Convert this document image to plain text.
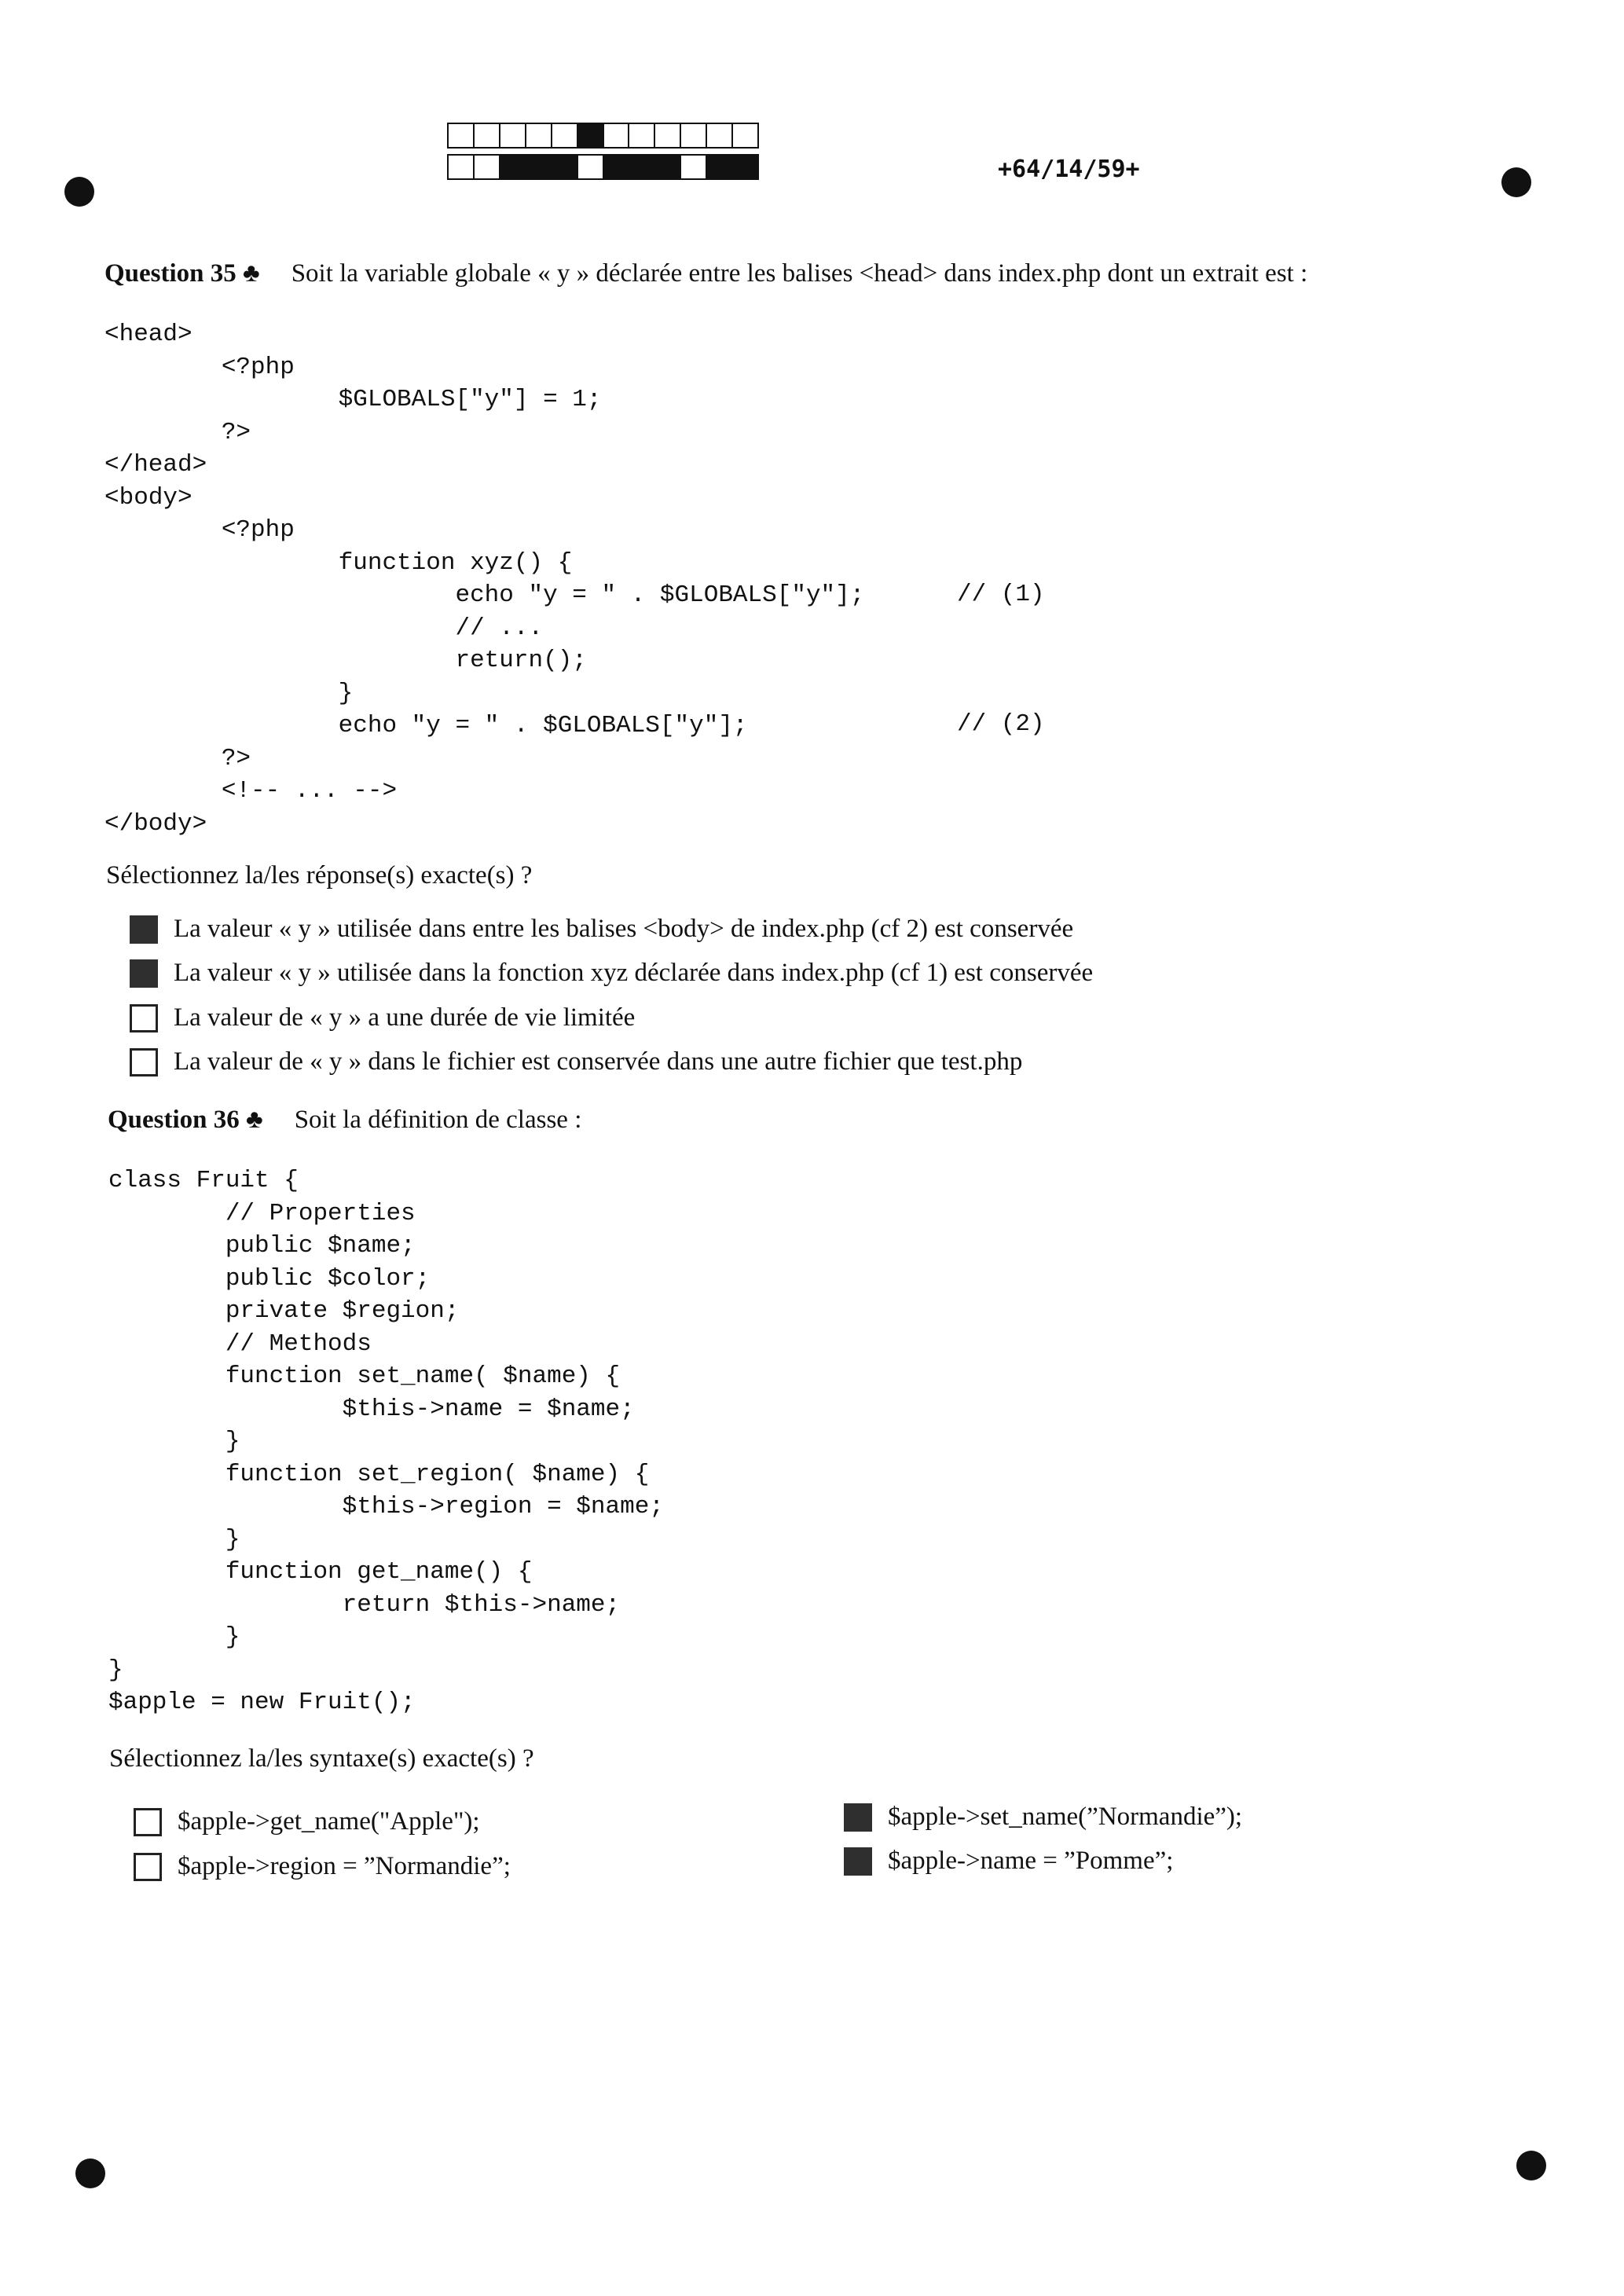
+64/14/59+
Question 35 ♣ Soit la variable globale « y » déclarée entre les balises <head> dans index.php dont un extrait est :
<head>
<?php
$GLOBALS["y"] = 1;
?>
</head>
<body>
<?php
function xyz() {
echo "y = " . $GLOBALS["y"];
// ...
return();
}
echo "y = " . $GLOBALS["y"];
?>
<!-- ... -->
</body>
// (1)
// (2)
Sélectionnez la/les réponse(s) exacte(s) ?
La valeur « y » utilisée dans entre les balises <body> de index.php (cf 2) est conservée
La valeur « y » utilisée dans la fonction xyz déclarée dans index.php (cf 1) est conservée
La valeur de « y » a une durée de vie limitée
La valeur de « y » dans le fichier est conservée dans une autre fichier que test.php
Question 36 ♣ Soit la définition de classe :
class Fruit {
// Properties
public $name;
public $color;
private $region;
// Methods
function set_name( $name) {
$this->name = $name;
}
function set_region( $name) {
$this->region = $name;
}
function get_name() {
return $this->name;
}
}
$apple = new Fruit();
Sélectionnez la/les syntaxe(s) exacte(s) ?
$apple->get_name("Apple");
$apple->region = ”Normandie”;
$apple->set_name(”Normandie”);
$apple->name = ”Pomme”;
